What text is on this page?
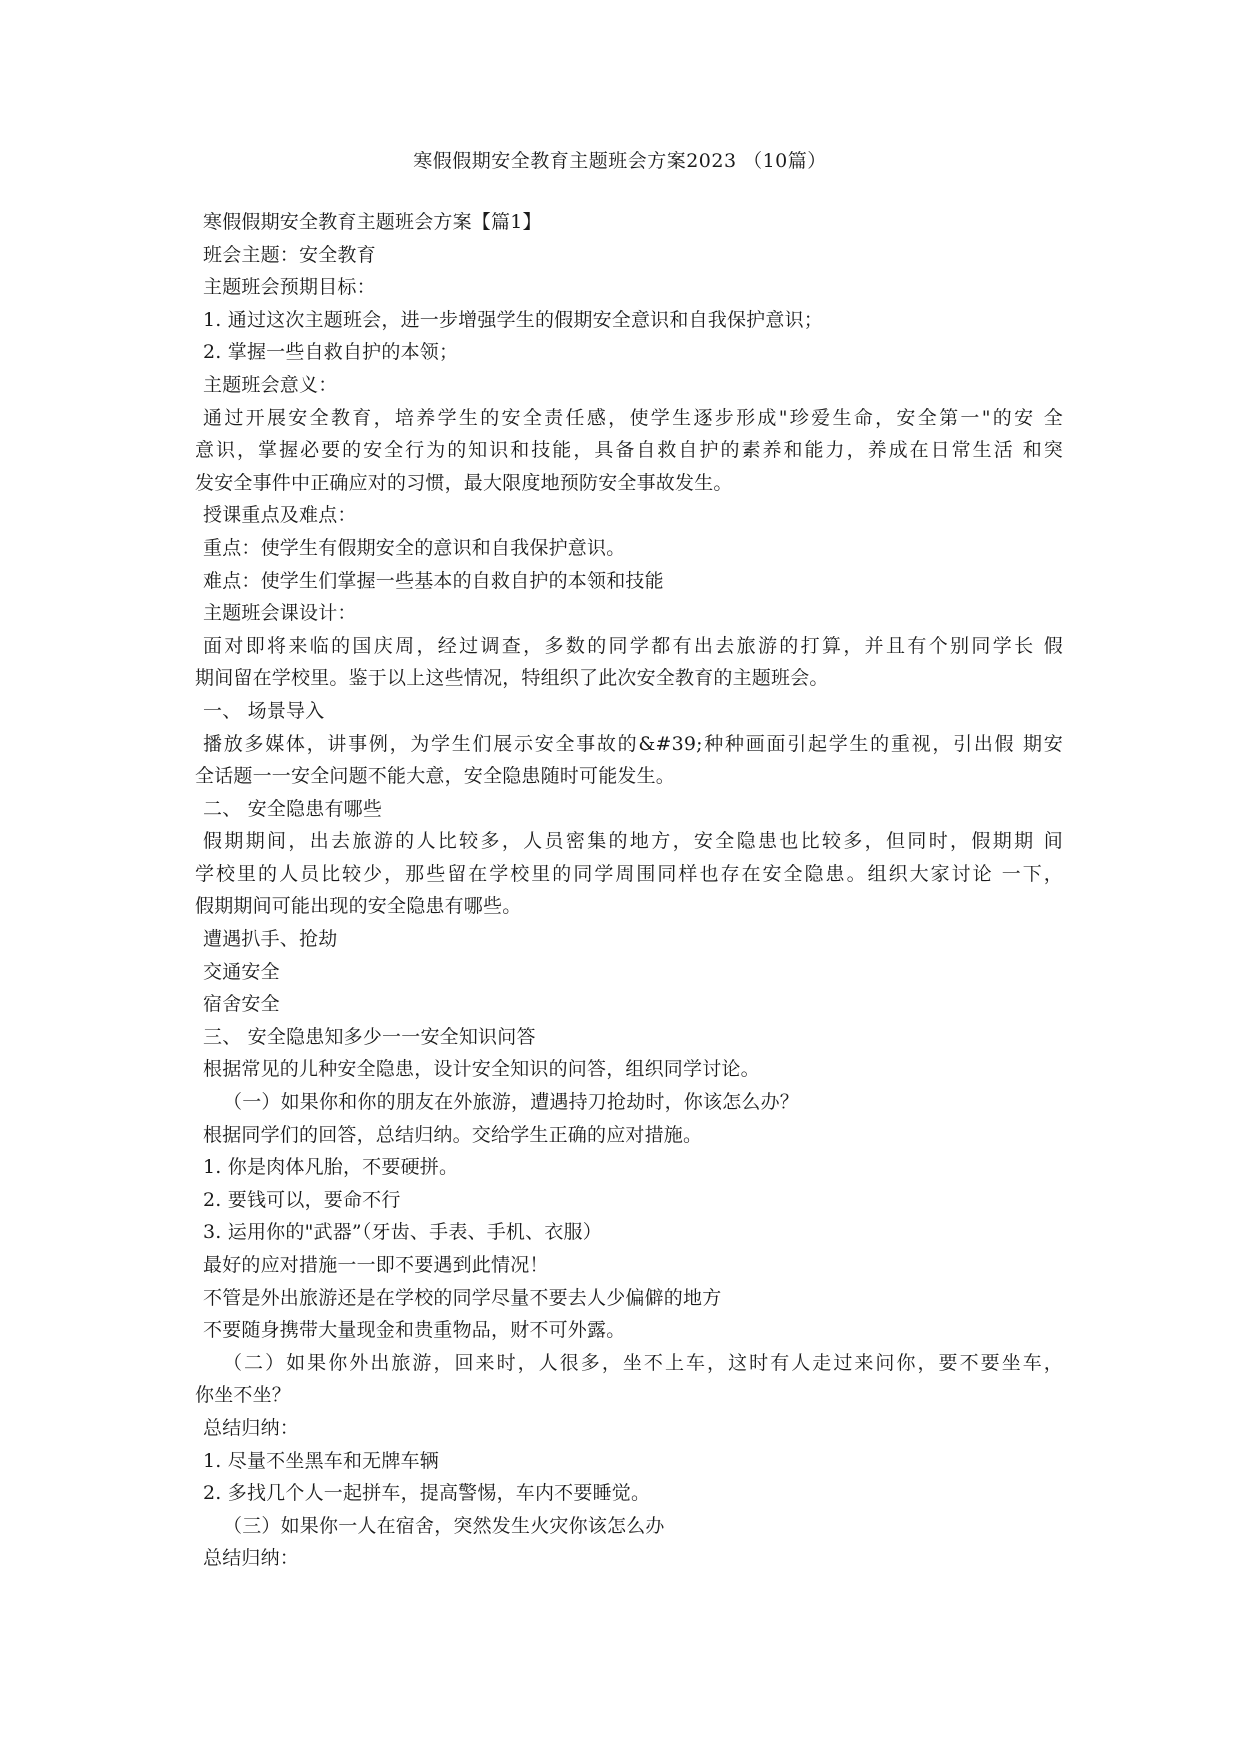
寒假假期安全教育主题班会方案2023 （10篇）
寒假假期安全教育主题班会方案【篇1】
班会主题：安全教育
主题班会预期目标：
1. 通过这次主题班会，进一步增强学生的假期安全意识和自我保护意识；
2. 掌握一些自救自护的本领；
主题班会意义：
通过开展安全教育，培养学生的安全责任感，使学生逐步形成"珍爱生命，安全第一"的安 全
意识，掌握必要的安全行为的知识和技能，具备自救自护的素养和能力，养成在日常生活 和突
发安全事件中正确应对的习惯，最大限度地预防安全事故发生。
授课重点及难点：
重点：使学生有假期安全的意识和自我保护意识。
难点：使学生们掌握一些基本的自救自护的本领和技能
主题班会课设计：
面对即将来临的国庆周，经过调查，多数的同学都有出去旅游的打算，并且有个别同学长 假
期间留在学校里。鉴于以上这些情况，特组织了此次安全教育的主题班会。
一、 场景导入
播放多媒体，讲事例，为学生们展示安全事故的&#39;种种画面引起学生的重视，引出假 期安
全话题一一安全问题不能大意，安全隐患随时可能发生。
二、 安全隐患有哪些
假期期间，出去旅游的人比较多，人员密集的地方，安全隐患也比较多，但同时，假期期 间
学校里的人员比较少，那些留在学校里的同学周围同样也存在安全隐患。组织大家讨论 一下，
假期期间可能出现的安全隐患有哪些。
遭遇扒手、抢劫
交通安全
宿舍安全
三、 安全隐患知多少一一安全知识问答
根据常见的儿种安全隐患，设计安全知识的问答，组织同学讨论。
（一）如果你和你的朋友在外旅游，遭遇持刀抢劫时，你该怎么办？
根据同学们的回答，总结归纳。交给学生正确的应对措施。
1. 你是肉体凡胎，不要硬拼。
2. 要钱可以，要命不行
3. 运用你的"武器”（牙齿、手表、手机、衣服）
最好的应对措施一一即不要遇到此情况！
不管是外出旅游还是在学校的同学尽量不要去人少偏僻的地方
不要随身携带大量现金和贵重物品，财不可外露。
（二）如果你外出旅游，回来时，人很多，坐不上车，这时有人走过来问你，要不要坐车，
你坐不坐？
总结归纳：
1. 尽量不坐黑车和无牌车辆
2. 多找几个人一起拼车，提高警惕，车内不要睡觉。
（三）如果你一人在宿舍，突然发生火灾你该怎么办
总结归纳：
